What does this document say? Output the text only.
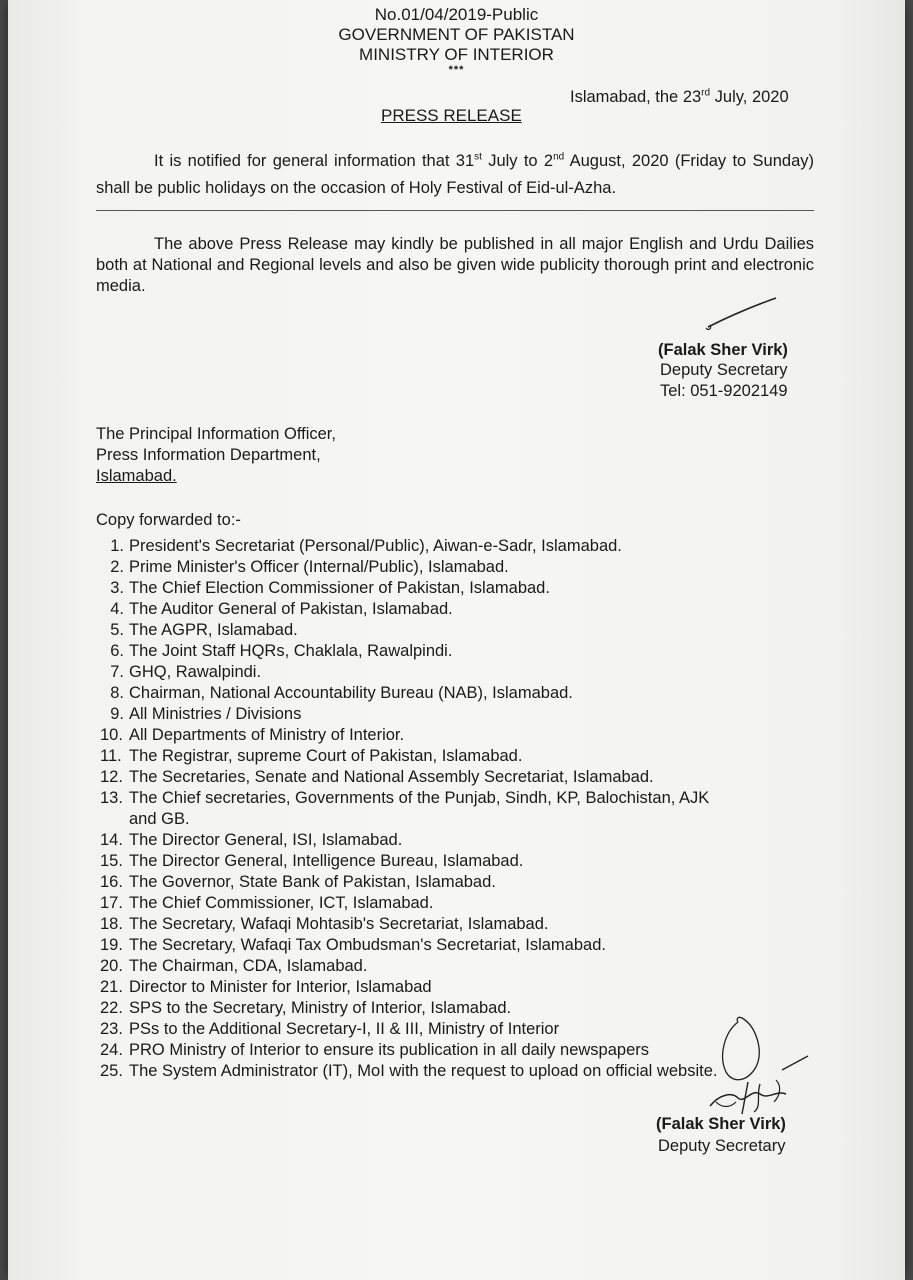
No.01/04/2019-Public
GOVERNMENT OF PAKISTAN
MINISTRY OF INTERIOR
***
Islamabad, the 23rd July, 2020
PRESS RELEASE
It is notified for general information that 31st July to 2nd August, 2020 (Friday to Sunday) shall be public holidays on the occasion of Holy Festival of Eid-ul-Azha.
The above Press Release may kindly be published in all major English and Urdu Dailies both at National and Regional levels and also be given wide publicity thorough print and electronic media.
(Falak Sher Virk)
Deputy Secretary
Tel: 051-9202149
The Principal Information Officer,
Press Information Department,
Islamabad.
Copy forwarded to:-
1. President's Secretariat (Personal/Public), Aiwan-e-Sadr, Islamabad.
2. Prime Minister's Officer (Internal/Public), Islamabad.
3. The Chief Election Commissioner of Pakistan, Islamabad.
4. The Auditor General of Pakistan, Islamabad.
5. The AGPR, Islamabad.
6. The Joint Staff HQRs, Chaklala, Rawalpindi.
7. GHQ, Rawalpindi.
8. Chairman, National Accountability Bureau (NAB), Islamabad.
9. All Ministries / Divisions
10. All Departments of Ministry of Interior.
11. The Registrar, supreme Court of Pakistan, Islamabad.
12. The Secretaries, Senate and National Assembly Secretariat, Islamabad.
13. The Chief secretaries, Governments of the Punjab, Sindh, KP, Balochistan, AJK
and GB.
14. The Director General, ISI, Islamabad.
15. The Director General, Intelligence Bureau, Islamabad.
16. The Governor, State Bank of Pakistan, Islamabad.
17. The Chief Commissioner, ICT, Islamabad.
18. The Secretary, Wafaqi Mohtasib's Secretariat, Islamabad.
19. The Secretary, Wafaqi Tax Ombudsman's Secretariat, Islamabad.
20. The Chairman, CDA, Islamabad.
21. Director to Minister for Interior, Islamabad
22. SPS to the Secretary, Ministry of Interior, Islamabad.
23. PSs to the Additional Secretary-I, II & III, Ministry of Interior
24. PRO Ministry of Interior to ensure its publication in all daily newspapers
25. The System Administrator (IT), MoI with the request to upload on official website.
(Falak Sher Virk)
Deputy Secretary
